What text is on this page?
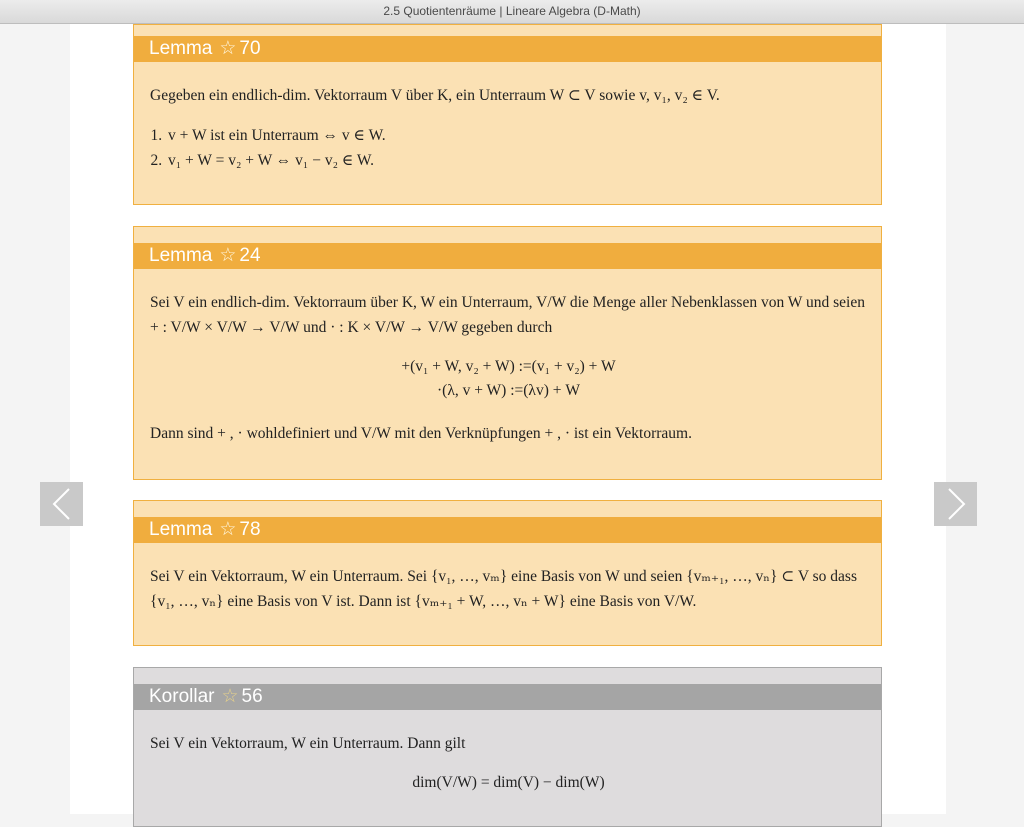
2.5 Quotientenräume | Lineare Algebra (D-Math)
Lemma ☆ 70

Gegeben ein endlich-dim. Vektorraum V über K, ein Unterraum W ⊂ V sowie v, v₁, v₂ ∈ V.

1. v + W ist ein Unterraum ⇔ v ∈ W.
2. v₁ + W = v₂ + W ⇔ v₁ − v₂ ∈ W.
Lemma ☆ 24

Sei V ein endlich-dim. Vektorraum über K, W ein Unterraum, V/W die Menge aller Nebenklassen von W und seien + : V/W × V/W → V/W und · : K × V/W → V/W gegeben durch

+(v₁ + W, v₂ + W) :=(v₁ + v₂) + W
·(λ, v + W) :=(λv) + W

Dann sind + , · wohldefiniert und V/W mit den Verknüpfungen + , · ist ein Vektorraum.

Lemma ☆ 78

Sei V ein Vektorraum, W ein Unterraum. Sei {v₁, …, vₘ} eine Basis von W und seien {vₘ₊₁, …, vₙ} ⊂ V so dass {v₁, …, vₙ} eine Basis von V ist. Dann ist {vₘ₊₁ + W, …, vₙ + W} eine Basis von V/W.

Korollar ☆ 56

Sei V ein Vektorraum, W ein Unterraum. Dann gilt

dim(V/W) = dim(V) − dim(W)
